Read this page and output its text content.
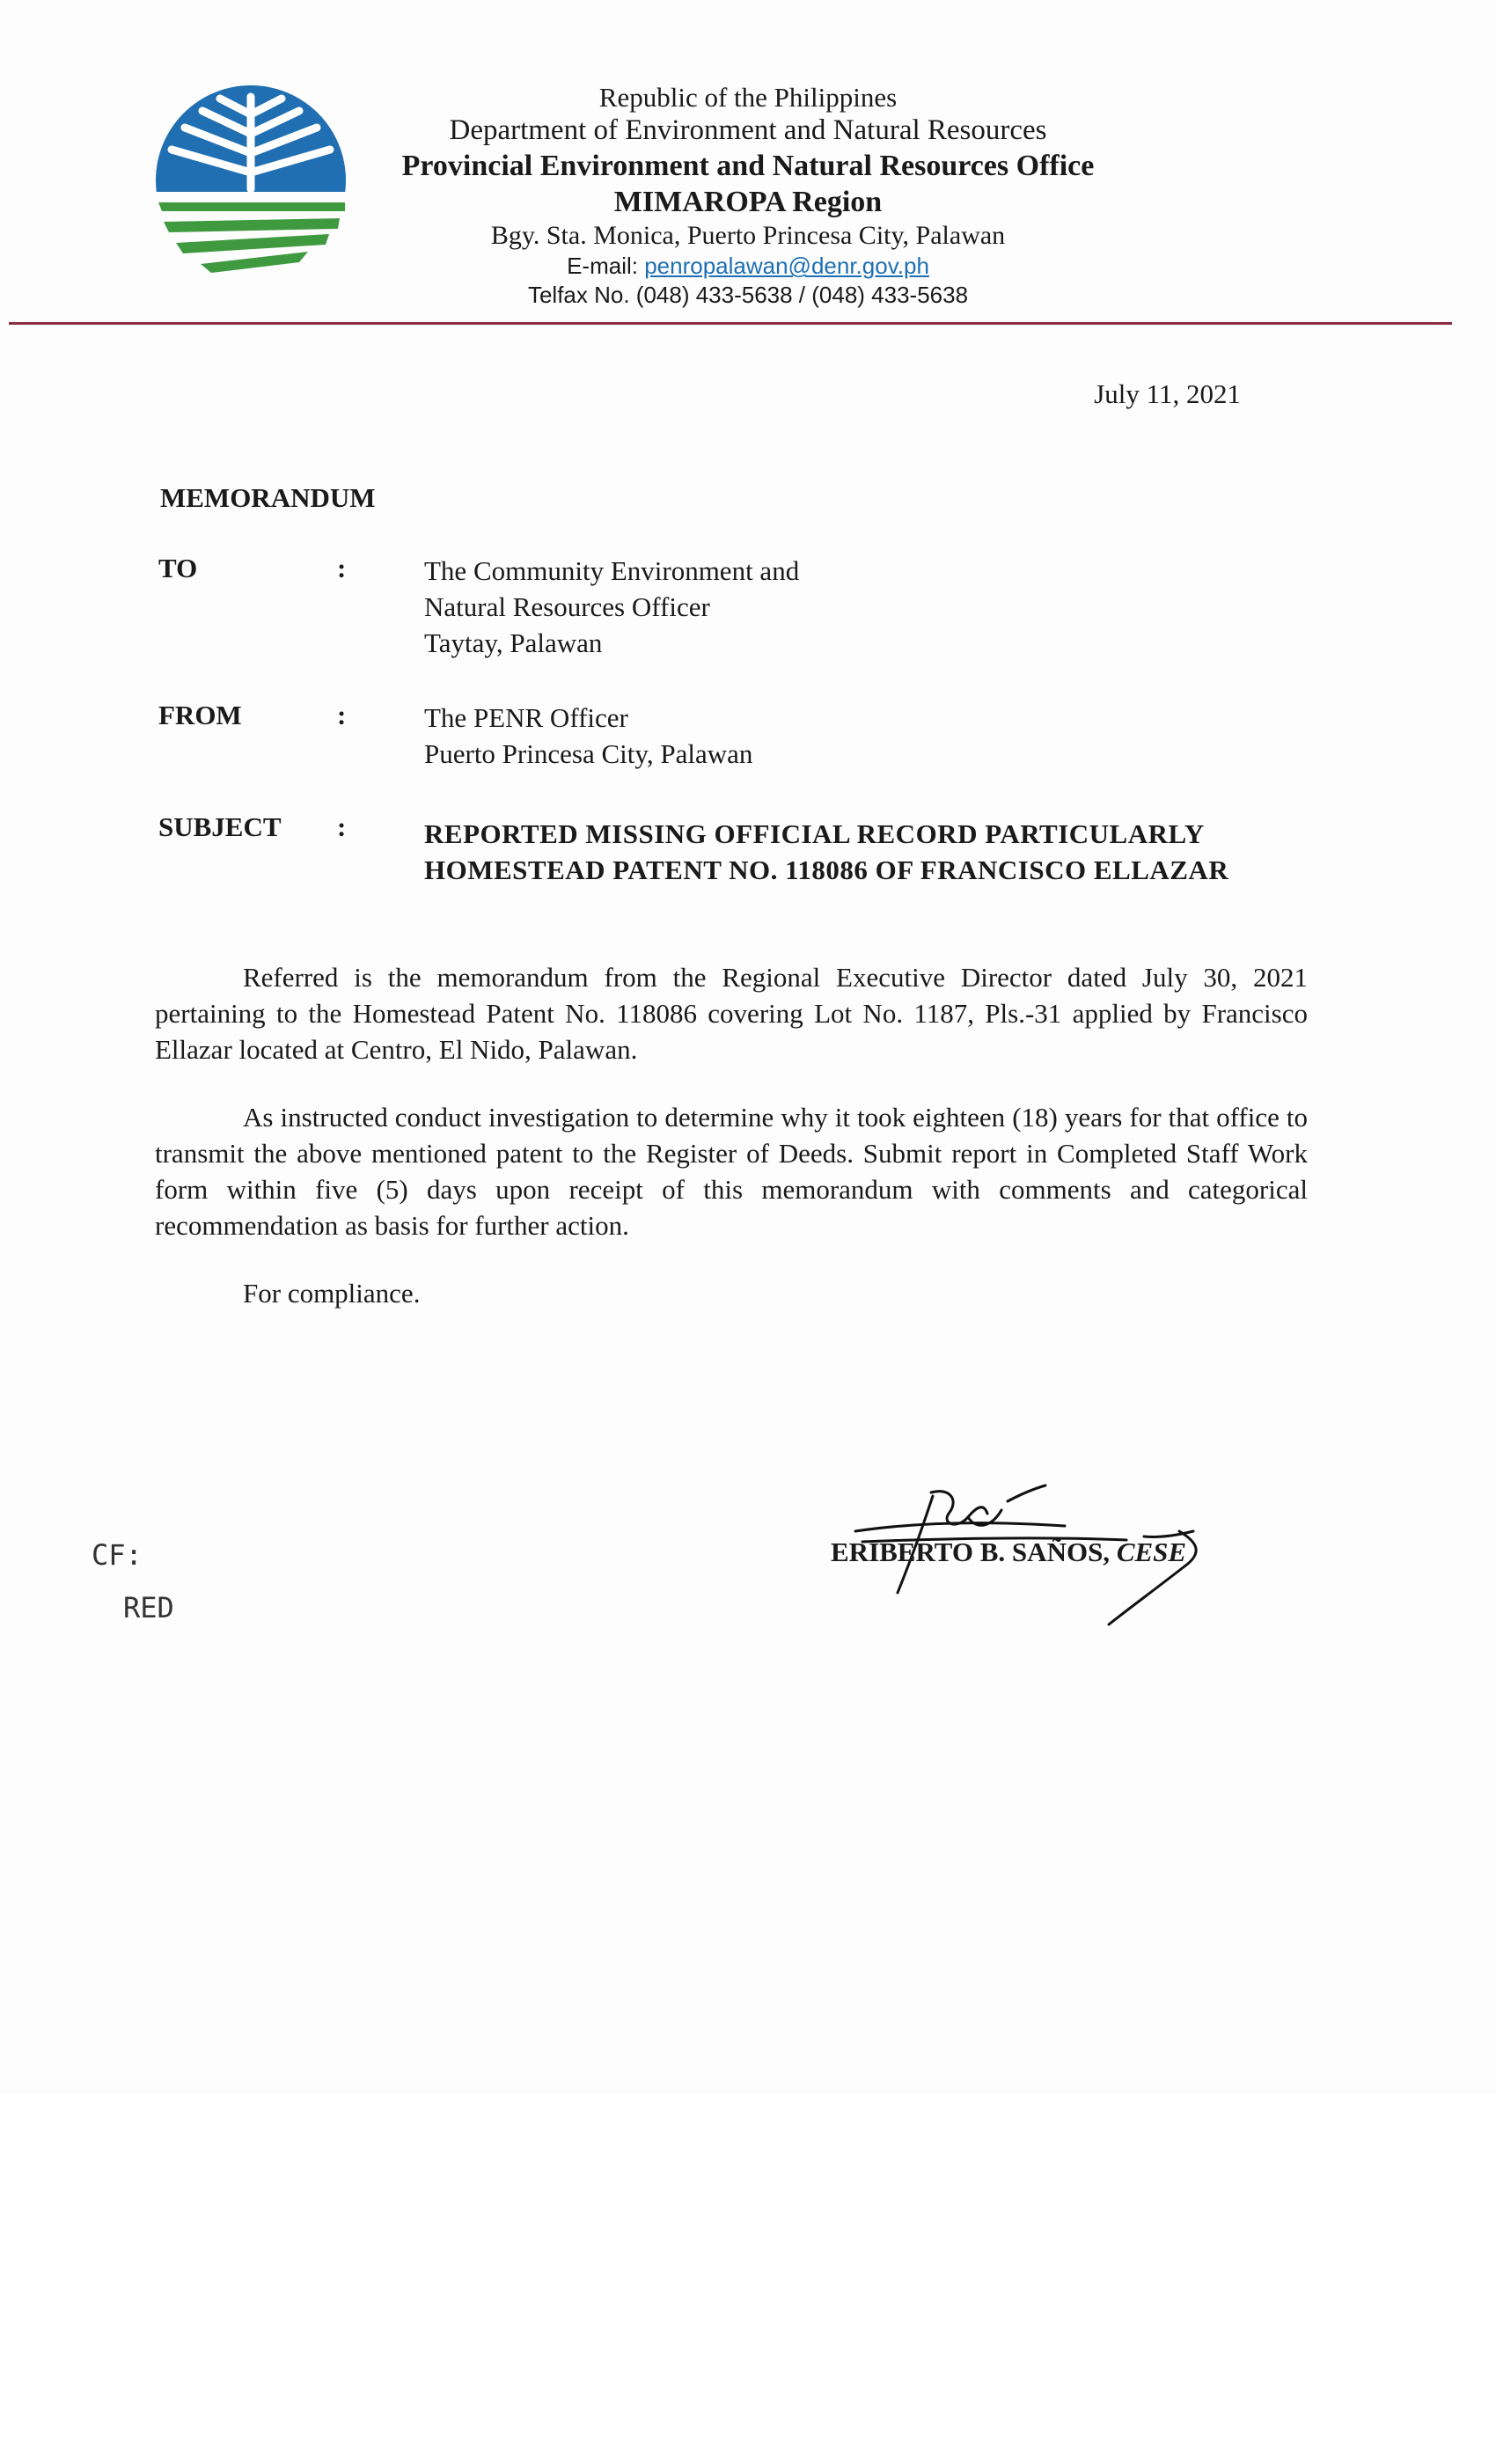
Republic of the Philippines
Department of Environment and Natural Resources
Provincial Environment and Natural Resources Office
MIMAROPA Region
Bgy. Sta. Monica, Puerto Princesa City, Palawan
E-mail: penropalawan@denr.gov.ph
Telfax No. (048) 433-5638 / (048) 433-5638
July 11, 2021
MEMORANDUM
TO	:	The Community Environment and
Natural Resources Officer
Taytay, Palawan
FROM	:	The PENR Officer
Puerto Princesa City, Palawan
SUBJECT	:	REPORTED MISSING OFFICIAL RECORD PARTICULARLY
HOMESTEAD PATENT NO. 118086 OF FRANCISCO ELLAZAR

Referred is the memorandum from the Regional Executive Director dated July 30, 2021 pertaining to the Homestead Patent No. 118086 covering Lot No. 1187, Pls.-31 applied by Francisco Ellazar located at Centro, El Nido, Palawan.

As instructed conduct investigation to determine why it took eighteen (18) years for that office to transmit the above mentioned patent to the Register of Deeds. Submit report in Completed Staff Work form within five (5) days upon receipt of this memorandum with comments and categorical recommendation as basis for further action.

For compliance.

ERIBERTO B. SAÑOS, CESE
CF:
RED
